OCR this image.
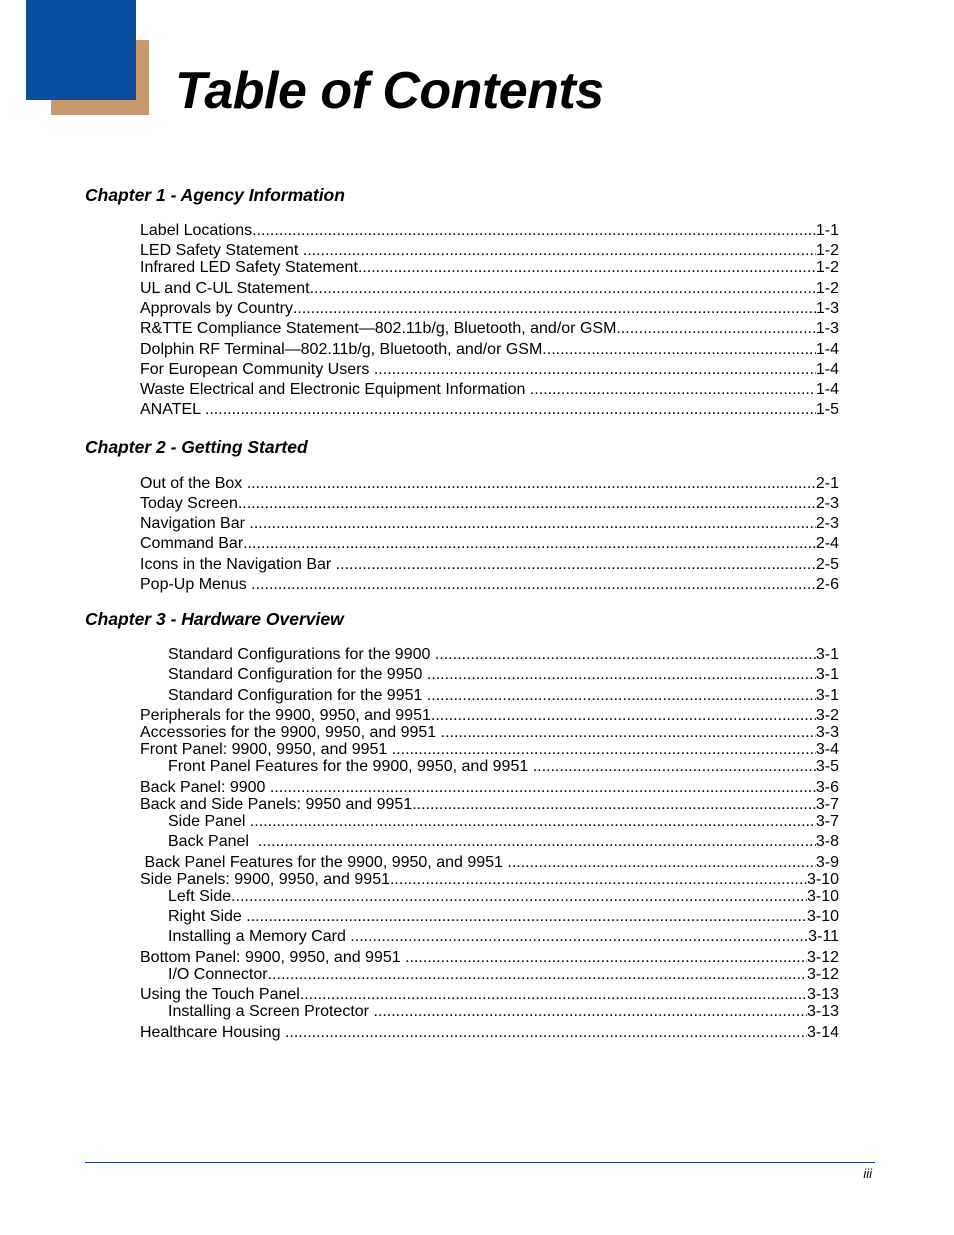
Table of Contents
Chapter 1 - Agency Information
Label Locations .....	1-1
LED Safety Statement .....	1-2
Infrared LED Safety Statement .....	1-2
UL and C-UL Statement .....	1-2
Approvals by Country .....	1-3
R&TTE Compliance Statement—802.11b/g, Bluetooth, and/or GSM .....	1-3
Dolphin RF Terminal—802.11b/g, Bluetooth, and/or GSM .....	1-4
For European Community Users .....	1-4
Waste Electrical and Electronic Equipment Information .....	1-4
ANATEL .....	1-5
Chapter 2 - Getting Started
Out of the Box .....	2-1
Today Screen .....	2-3
Navigation Bar .....	2-3
Command Bar .....	2-4
Icons in the Navigation Bar .....	2-5
Pop-Up Menus .....	2-6
Chapter 3 - Hardware Overview
Standard Configurations for the 9900 .....	3-1
Standard Configuration for the 9950 .....	3-1
Standard Configuration for the 9951 .....	3-1
Peripherals for the 9900, 9950, and 9951 .....	3-2
Accessories for the 9900, 9950, and 9951 .....	3-3
Front Panel: 9900, 9950, and 9951 .....	3-4
Front Panel Features for the 9900, 9950, and 9951 .....	3-5
Back Panel: 9900 .....	3-6
Back and Side Panels: 9950 and 9951 .....	3-7
Side Panel .....	3-7
Back Panel .....	3-8
Back Panel Features for the 9900, 9950, and 9951 .....	3-9
Side Panels: 9900, 9950, and 9951 .....	3-10
Left Side .....	3-10
Right Side .....	3-10
Installing a Memory Card .....	3-11
Bottom Panel: 9900, 9950, and 9951 .....	3-12
I/O Connector .....	3-12
Using the Touch Panel .....	3-13
Installing a Screen Protector .....	3-13
Healthcare Housing .....	3-14
iii
